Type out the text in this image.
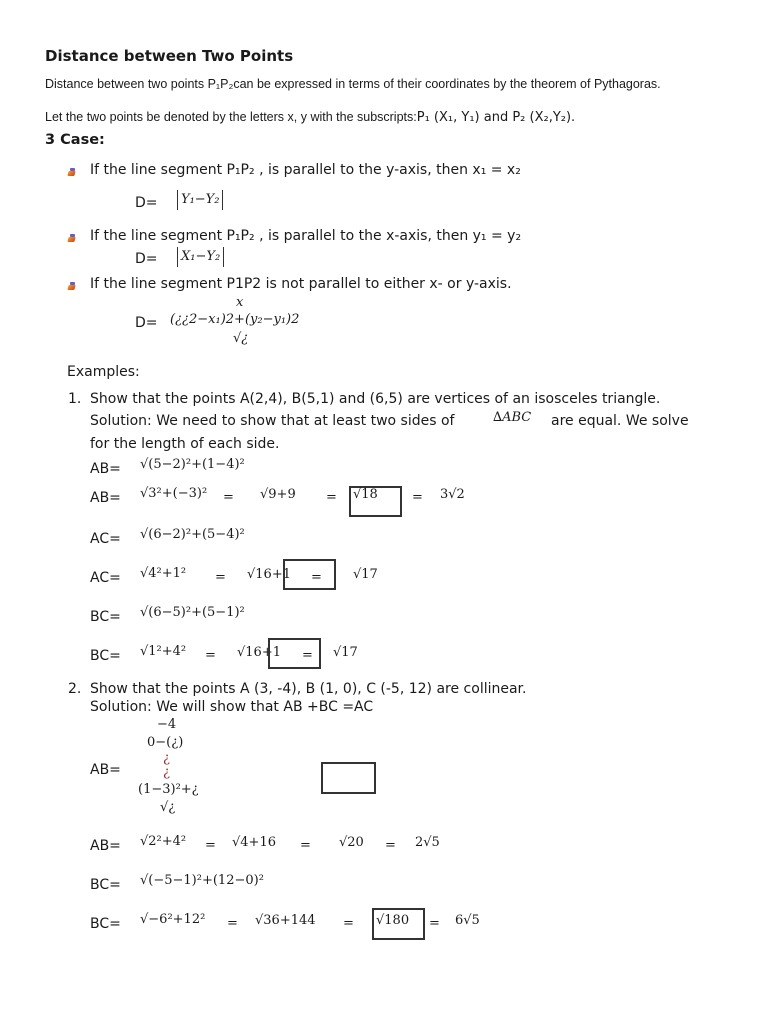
Distance between Two Points
Distance between two points P₁P₂can be expressed in terms of their coordinates by the theorem of Pythagoras.
Let the two points be denoted by the letters x, y with the subscripts:P₁ (X₁, Y₁) and P₂ (X₂,Y₂).
3 Case:
If the line segment P₁P₂ , is parallel to the y-axis, then x₁ = x₂
D=	Y₁−Y₂
If the line segment P₁P₂ , is parallel to the x-axis, then y₁ = y₂
D=	X₁−Y₂
If the line segment P1P2 is not parallel to either x- or y-axis.
x
D= (¿¿2−x₁)2+(y₂−y₁)2
√¿
Examples:
1. Show that the points A(2,4), B(5,1) and (6,5) are vertices of an isosceles triangle.
Solution: We need to show that at least two sides of	∆ABC are equal. We solve
for the length of each side.
AB= √(5−2)²+(1−4)²
AB= √3²+(−3)² = √9+9 = √18	= 3√2
AC= √(6−2)²+(5−4)²
AC= √4²+1² = √16+1 = √17
BC= √(6−5)²+(5−1)²
BC= √1²+4² = √16+1 = √17
2. Show that the points A (3, -4), B (1, 0), C (-5, 12) are collinear.
Solution: We will show that AB +BC =AC
−4
0−(¿)
¿
AB=	¿
(1−3)²+¿
√¿
AB= √2²+4² = √4+16 = √20 = 2√5
BC= √(−5−1)²+(12−0)²
BC= √−6²+12² = √36+144 = √180 = 6√5
